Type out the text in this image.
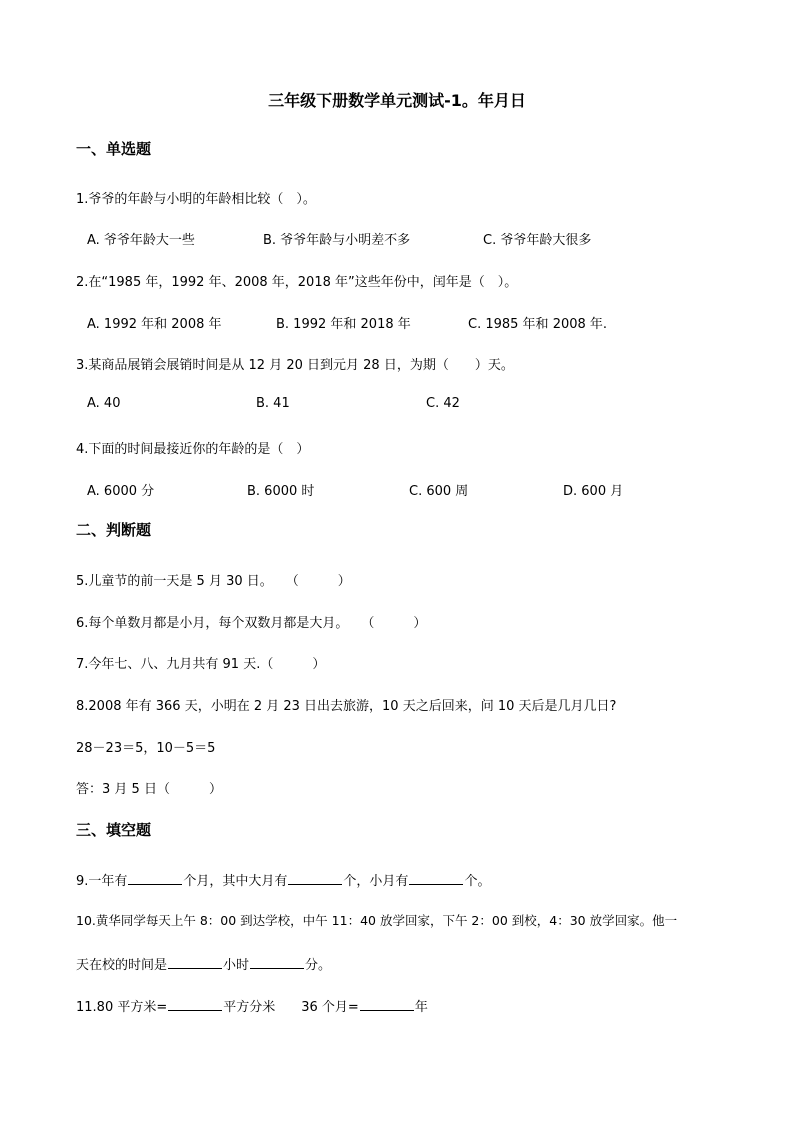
三年级下册数学单元测试-1。年月日
一、单选题
1.爷爷的年龄与小明的年龄相比较（　）。
A. 爷爷年龄大一些	B. 爷爷年龄与小明差不多	C. 爷爷年龄大很多
2.在“1985 年，1992 年、2008 年，2018 年”这些年份中，闰年是（　）。
A. 1992 年和 2008 年	B. 1992 年和 2018 年	C. 1985 年和 2008 年.
3.某商品展销会展销时间是从 12 月 20 日到元月 28 日，为期（　　）天。
A. 40	B. 41	C. 42
4.下面的时间最接近你的年龄的是（　）
A. 6000 分	B. 6000 时	C. 600 周	D. 600 月
二、判断题
5.儿童节的前一天是 5 月 30 日。　　（　　　）
6.每个单数月都是小月，每个双数月都是大月。　　（　　　）
7.今年七、八、九月共有 91 天.（　　　）
8.2008 年有 366 天，小明在 2 月 23 日出去旅游，10 天之后回来，问 10 天后是几月几日?
28－23＝5，10－5＝5
答：3 月 5 日（　　　）
三、填空题
9.一年有	个月，其中大月有	个，小月有	个。
10.黄华同学每天上午 8：00 到达学校，中午 11：40 放学回家，下午 2：00 到校，4：30 放学回家。他一
天在校的时间是	小时	分。
11.80 平方米=	平方分米　　36 个月=	年
